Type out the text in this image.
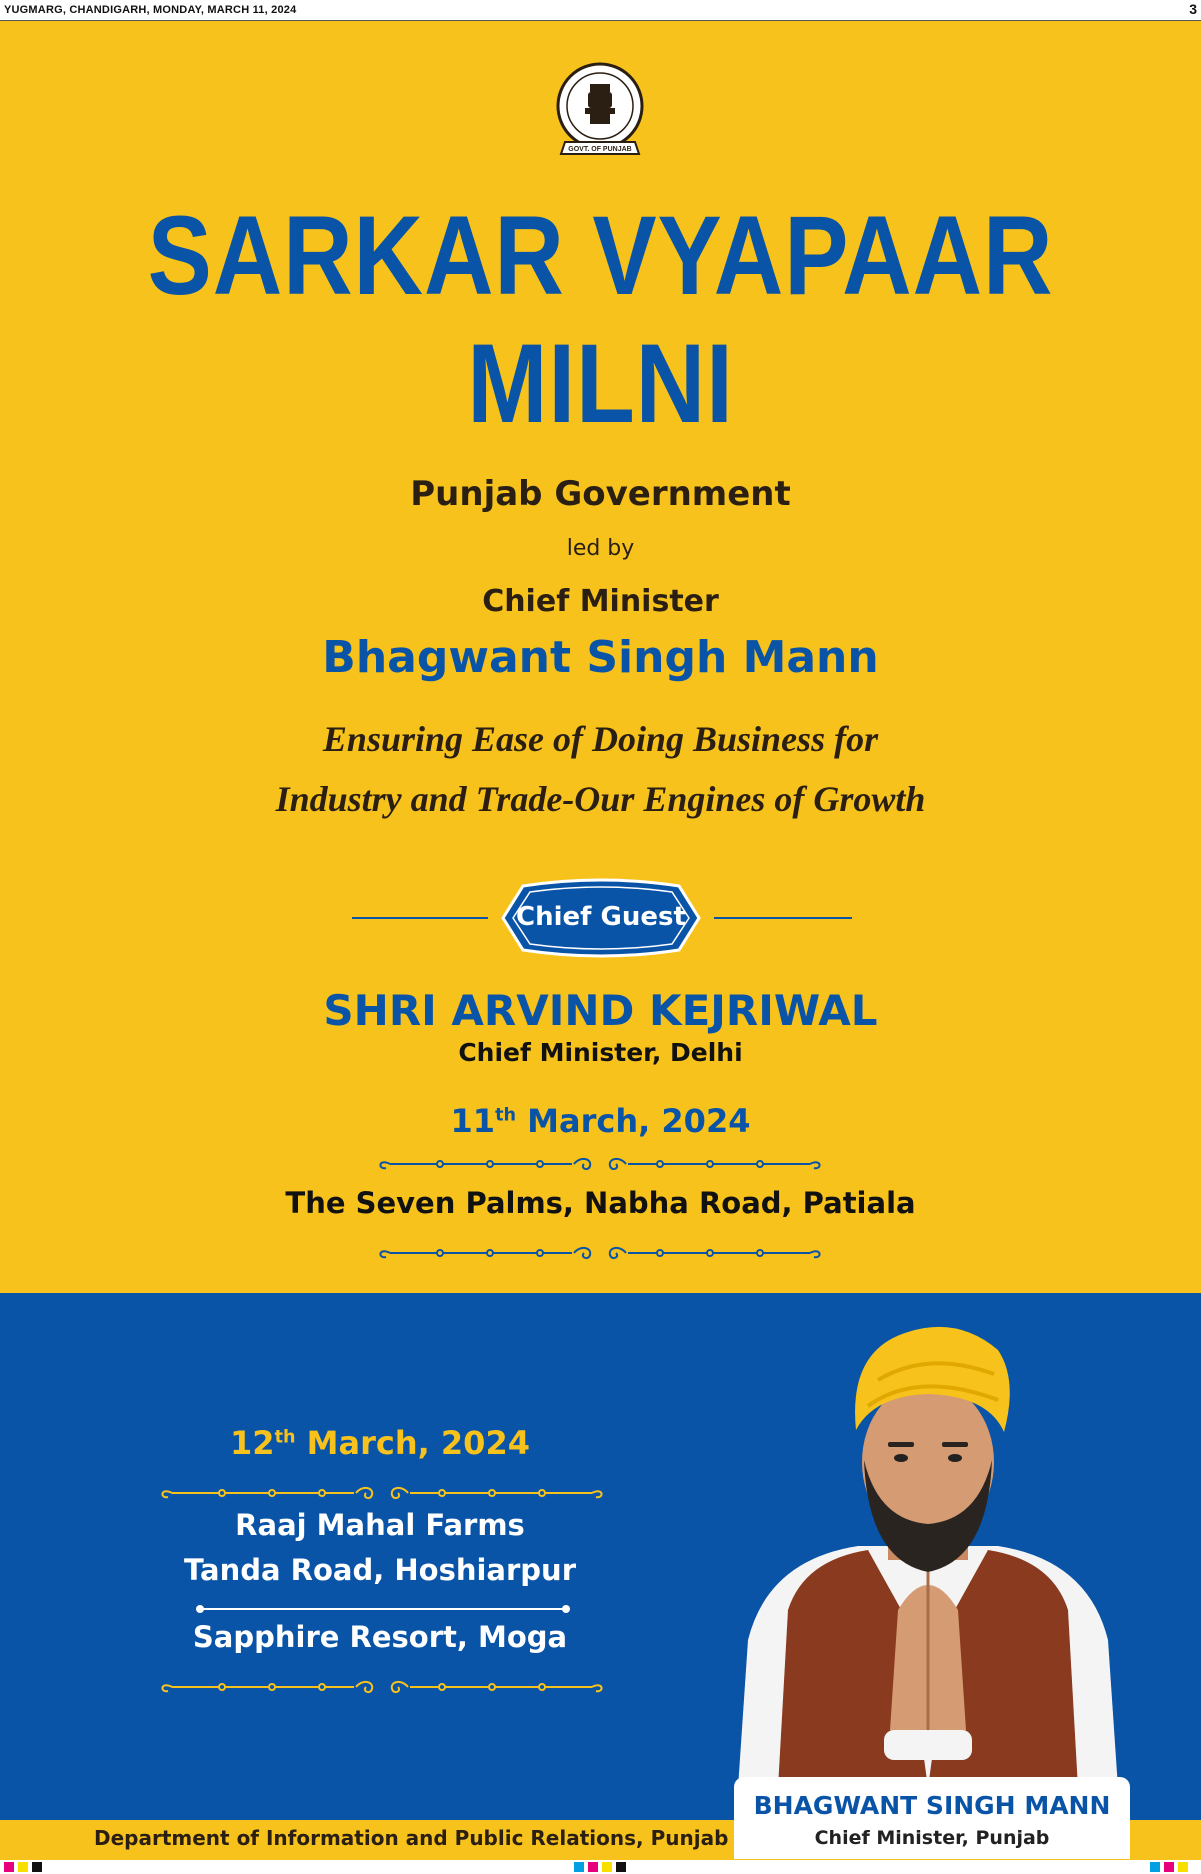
YUGMARG, CHANDIGARH, MONDAY, MARCH 11, 2024	3
GOVT. OF PUNJAB
SARKAR VYAPAAR
MILNI
Punjab Government
led by
Chief Minister
Bhagwant Singh Mann
Ensuring Ease of Doing Business for
Industry and Trade-Our Engines of Growth
Chief Guest
SHRI ARVIND KEJRIWAL
Chief Minister, Delhi
11th March, 2024
The Seven Palms, Nabha Road, Patiala
12th March, 2024
Raaj Mahal Farms
Tanda Road, Hoshiarpur
Sapphire Resort, Moga
BHAGWANT SINGH MANN
Chief Minister, Punjab
Department of Information and Public Relations, Punjab
